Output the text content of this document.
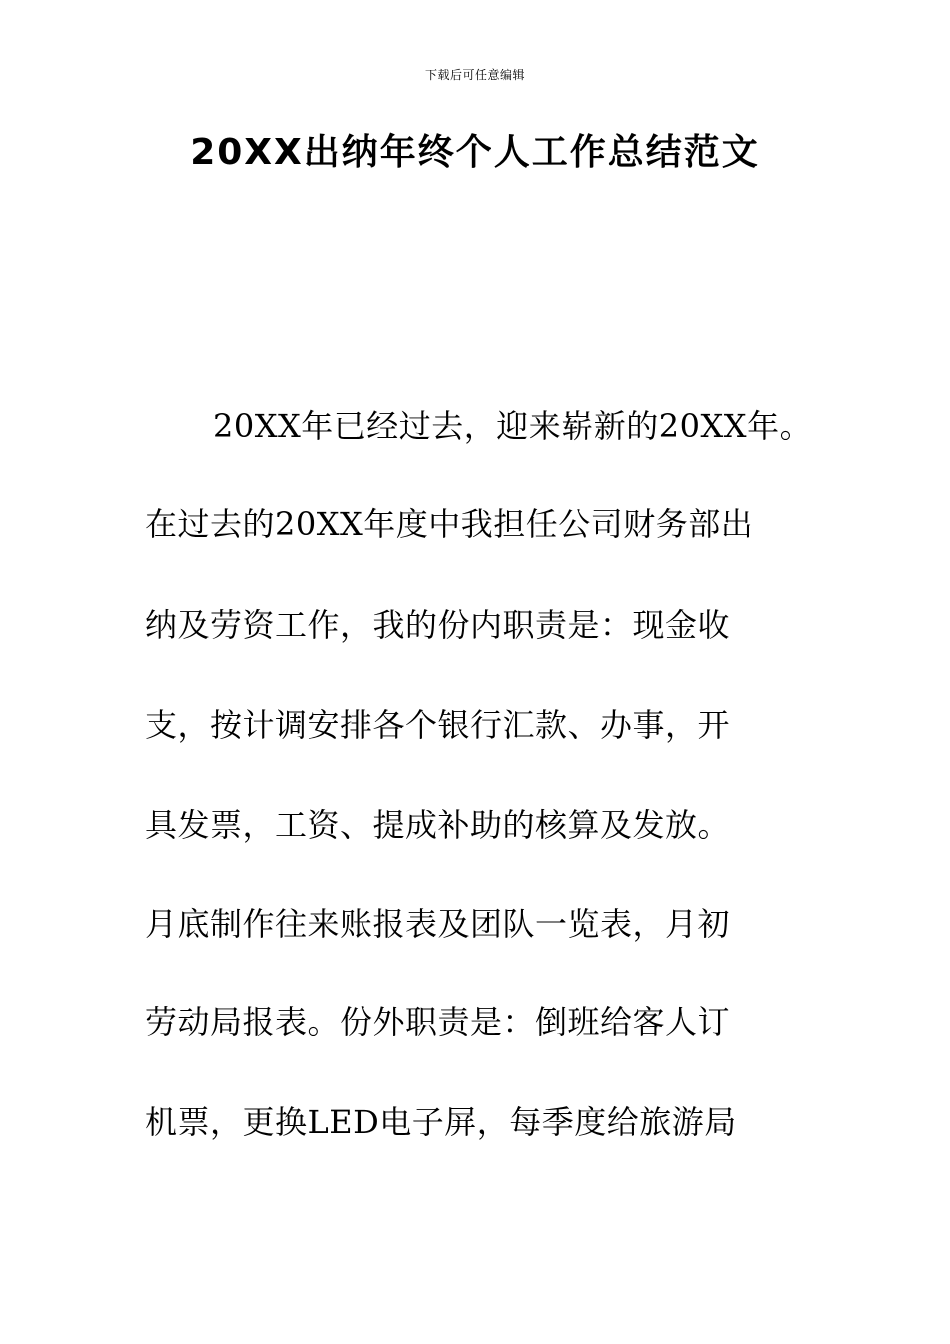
下载后可任意编辑
20XX出纳年终个人工作总结范文

20XX年已经过去，迎来崭新的20XX年。

在过去的20XX年度中我担任公司财务部出

纳及劳资工作，我的份内职责是：现金收

支，按计调安排各个银行汇款、办事，开

具发票，工资、提成补助的核算及发放。

月底制作往来账报表及团队一览表，月初

劳动局报表。份外职责是：倒班给客人订

机票，更换LED电子屏，每季度给旅游局
